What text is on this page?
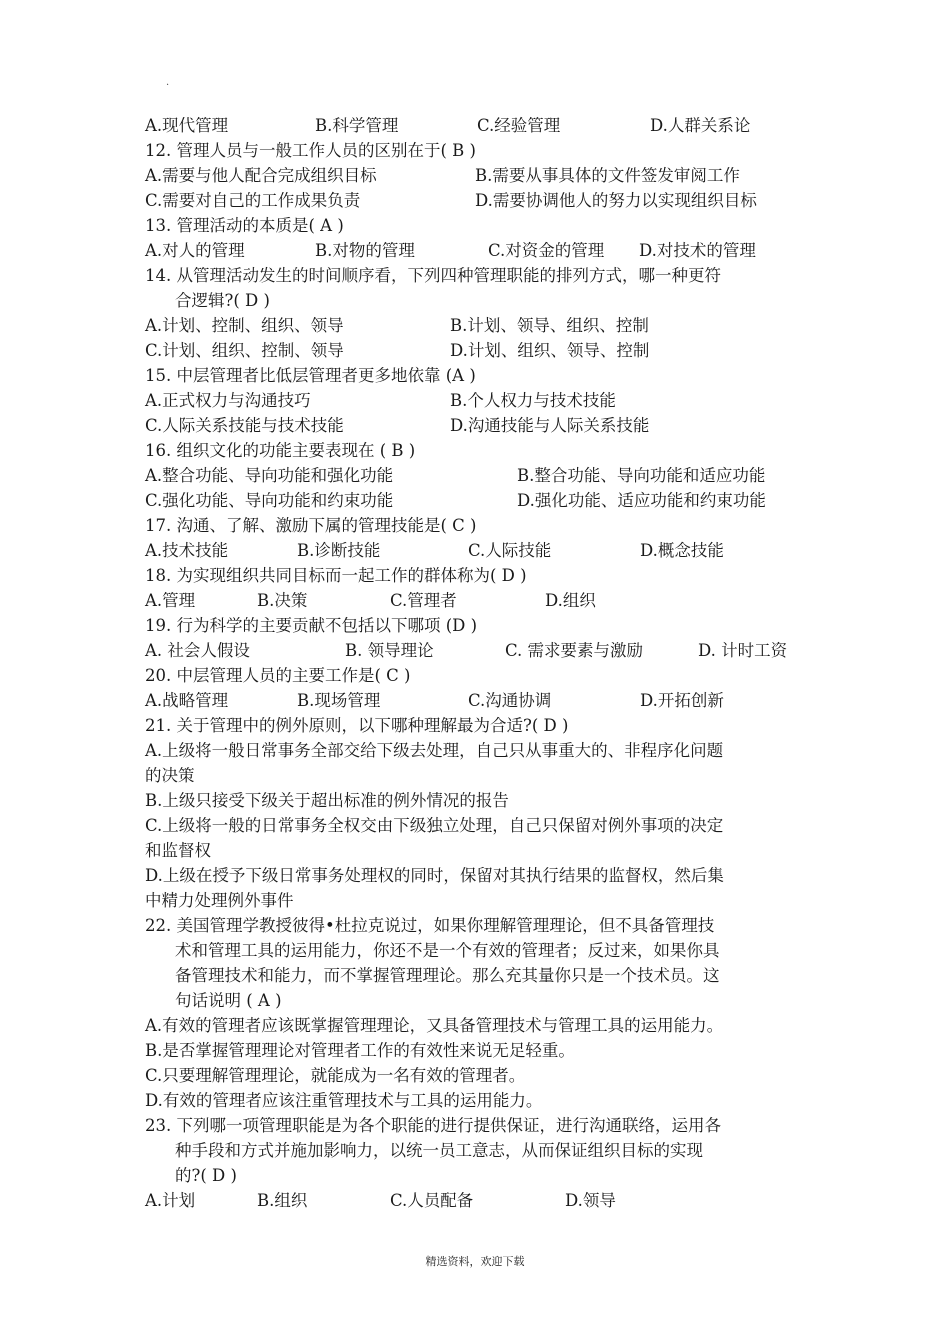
·
A.现代管理	B.科学管理	C.经验管理	D.人群关系论
12. 管理人员与一般工作人员的区别在于( B )
A.需要与他人配合完成组织目标	B.需要从事具体的文件签发审阅工作
C.需要对自己的工作成果负责	D.需要协调他人的努力以实现组织目标
13. 管理活动的本质是( A )
A.对人的管理	B.对物的管理	C.对资金的管理 D.对技术的管理
14. 从管理活动发生的时间顺序看，下列四种管理职能的排列方式，哪一种更符
合逻辑?( D )
A.计划、控制、组织、领导	B.计划、领导、组织、控制
C.计划、组织、控制、领导	D.计划、组织、领导、控制
15. 中层管理者比低层管理者更多地依靠 (A )
A.正式权力与沟通技巧	B.个人权力与技术技能
C.人际关系技能与技术技能	D.沟通技能与人际关系技能
16. 组织文化的功能主要表现在 ( B )
A.整合功能、导向功能和强化功能	B.整合功能、导向功能和适应功能
C.强化功能、导向功能和约束功能	D.强化功能、适应功能和约束功能
17. 沟通、了解、激励下属的管理技能是( C )
A.技术技能	B.诊断技能	C.人际技能	D.概念技能
18. 为实现组织共同目标而一起工作的群体称为( D )
A.管理	B.决策	C.管理者	D.组织
19. 行为科学的主要贡献不包括以下哪项 (D )
A. 社会人假设	B. 领导理论	C. 需求要素与激励	D. 计时工资
20. 中层管理人员的主要工作是( C )
A.战略管理	B.现场管理	C.沟通协调	D.开拓创新
21. 关于管理中的例外原则，以下哪种理解最为合适?( D )
A.上级将一般日常事务全部交给下级去处理，自己只从事重大的、非程序化问题
的决策
B.上级只接受下级关于超出标准的例外情况的报告
C.上级将一般的日常事务全权交由下级独立处理，自己只保留对例外事项的决定
和监督权
D.上级在授予下级日常事务处理权的同时，保留对其执行结果的监督权，然后集
中精力处理例外事件
22. 美国管理学教授彼得•杜拉克说过，如果你理解管理理论，但不具备管理技
术和管理工具的运用能力，你还不是一个有效的管理者；反过来，如果你具
备管理技术和能力，而不掌握管理理论。那么充其量你只是一个技术员。这
句话说明 ( A )
A.有效的管理者应该既掌握管理理论，又具备管理技术与管理工具的运用能力。
B.是否掌握管理理论对管理者工作的有效性来说无足轻重。
C.只要理解管理理论，就能成为一名有效的管理者。
D.有效的管理者应该注重管理技术与工具的运用能力。
23. 下列哪一项管理职能是为各个职能的进行提供保证，进行沟通联络，运用各
种手段和方式并施加影响力，以统一员工意志，从而保证组织目标的实现
的?( D )
A.计划	B.组织	C.人员配备	D.领导
精选资料，欢迎下载
